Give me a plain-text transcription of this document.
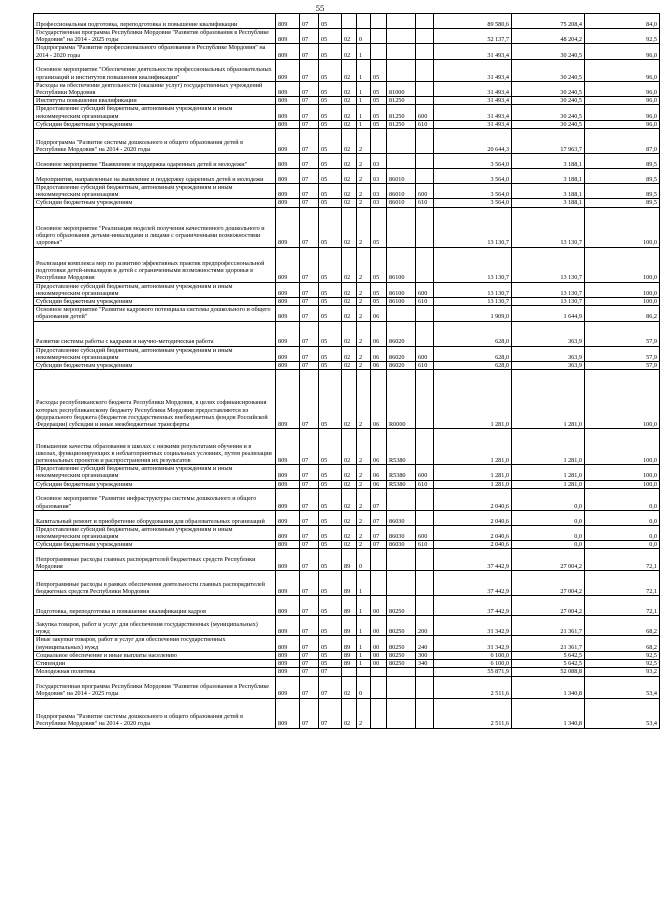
55
Профессиональная подготовка, переподготовка и повышение квалификации	809	07	05						89 580,6	75 208,4	84,0
Государственная программа Республики Мордовия "Развитие образования в Республике Мордовия" на 2014 - 2025 годы	809	07	05	02	0				52 137,7	48 204,2	92,5
Подпрограмма "Развитие профессионального образования в Республике Мордовия" на 2014 - 2020 годы	809	07	05	02	1				31 493,4	30 240,5	96,0
Основное мероприятие "Обеспечение деятельности профессиональных образовательных организаций и институтов повышения квалификации"	809	07	05	02	1	05			31 493,4	30 240,5	96,0
Расходы на обеспечение деятельности (оказание услуг) государственных учреждений Республики Мордовия	809	07	05	02	1	05	81000		31 493,4	30 240,5	96,0
Институты повышения квалификации	809	07	05	02	1	05	81250		31 493,4	30 240,5	96,0
Предоставление субсидий бюджетным, автономным учреждениям и иным некоммерческим организациям	809	07	05	02	1	05	81250	600	31 493,4	30 240,5	96,0
Субсидии бюджетным учреждениям	809	07	05	02	1	05	81250	610	31 493,4	30 240,5	96,0
Подпрограмма "Развитие системы дошкольного и общего образования детей в Республике Мордовия" на 2014 - 2020 годы	809	07	05	02	2				20 644,3	17 963,7	87,0
Основное мероприятие "Выявление и поддержка одаренных детей и молодежи"	809	07	05	02	2	03			3 564,0	3 188,1	89,5
Мероприятия, направленные на выявление и поддержку одаренных детей и молодежи	809	07	05	02	2	03	86010		3 564,0	3 188,1	89,5
Предоставление субсидий бюджетным, автономным учреждениям и иным некоммерческим организациям	809	07	05	02	2	03	86010	600	3 564,0	3 188,1	89,5
Субсидии бюджетным учреждениям	809	07	05	02	2	03	86010	610	3 564,0	3 188,1	89,5
Основное мероприятие "Реализация моделей получения качественного дошкольного и общего образования детьми-инвалидами и лицами с ограниченными возможностями здоровья"	809	07	05	02	2	05			13 130,7	13 130,7	100,0
Реализация комплекса мер по развитию эффективных практик предпрофессиональной подготовки детей-инвалидов и детей с ограниченными возможностями здоровья в Республике Мордовия	809	07	05	02	2	05	86100		13 130,7	13 130,7	100,0
Предоставление субсидий бюджетным, автономным учреждениям и иным некоммерческим организациям	809	07	05	02	2	05	86100	600	13 130,7	13 130,7	100,0
Субсидии бюджетным учреждениям	809	07	05	02	2	05	86100	610	13 130,7	13 130,7	100,0
Основное мероприятие "Развитие кадрового потенциала системы дошкольного и общего образования детей"	809	07	05	02	2	06			1 909,0	1 644,9	86,2
Развитие системы работы с кадрами и научно-методическая работа	809	07	05	02	2	06	86020		628,0	363,9	57,9
Предоставление субсидий бюджетным, автономным учреждениям и иным некоммерческим организациям	809	07	05	02	2	06	86020	600	628,0	363,9	57,9
Субсидии бюджетным учреждениям	809	07	05	02	2	06	86020	610	628,0	363,9	57,9
Расходы республиканского бюджета Республики Мордовия, в целях софинансирования которых республиканскому бюджету Республики Мордовия предоставляются из федерального бюджета (бюджетов государственных внебюджетных фондов Российской Федерации) субсидии и иные межбюджетные трансферты	809	07	05	02	2	06	R0000		1 281,0	1 281,0	100,0
Повышение качества образования в школах с низкими результатами обучения и в школах, функционирующих в неблагоприятных социальных условиях, путем реализации региональных проектов и распространения их результатов	809	07	05	02	2	06	R5380		1 281,0	1 281,0	100,0
Предоставление субсидий бюджетным, автономным учреждениям и иным некоммерческим организациям	809	07	05	02	2	06	R5380	600	1 281,0	1 281,0	100,0
Субсидии бюджетным учреждениям	809	07	05	02	2	06	R5380	610	1 281,0	1 281,0	100,0
Основное мероприятие "Развитие инфраструктуры системы дошкольного и общего образования"	809	07	05	02	2	07			2 040,6	0,0	0,0
Капитальный ремонт и приобретение оборудования для образовательных организаций	809	07	05	02	2	07	86030		2 040,6	0,0	0,0
Предоставление субсидий бюджетным, автономным учреждениям и иным некоммерческим организациям	809	07	05	02	2	07	86030	600	2 040,6	0,0	0,0
Субсидии бюджетным учреждениям	809	07	05	02	2	07	86030	610	2 040,6	0,0	0,0
Непрограммные расходы главных распорядителей бюджетных средств Республики Мордовия	809	07	05	89	0				37 442,9	27 004,2	72,1
Непрограммные расходы в рамках обеспечения деятельности главных распорядителей бюджетных средств Республики Мордовия	809	07	05	89	1				37 442,9	27 004,2	72,1
Подготовка, переподготовка и повышение квалификации кадров	809	07	05	89	1	00	80250		37 442,9	27 004,2	72,1
Закупка товаров, работ и услуг для обеспечения государственных (муниципальных) нужд	809	07	05	89	1	00	80250	200	31 342,9	21 361,7	68,2
Иные закупки товаров, работ и услуг для обеспечения государственных (муниципальных) нужд	809	07	05	89	1	00	80250	240	31 342,9	21 361,7	68,2
Социальное обеспечение и иные выплаты населению	809	07	05	89	1	00	80250	300	6 100,0	5 642,5	92,5
Стипендии	809	07	05	89	1	00	80250	340	6 100,0	5 642,5	92,5
Молодежная политика	809	07	07						55 871,9	52 088,8	93,2
Государственная программа Республики Мордовия "Развитие образования в Республике Мордовия" на 2014 - 2025 годы	809	07	07	02	0				2 511,6	1 340,8	53,4
Подпрограмма "Развитие системы дошкольного и общего образования детей в Республике Мордовия" на 2014 - 2020 годы	809	07	07	02	2				2 511,6	1 340,8	53,4
